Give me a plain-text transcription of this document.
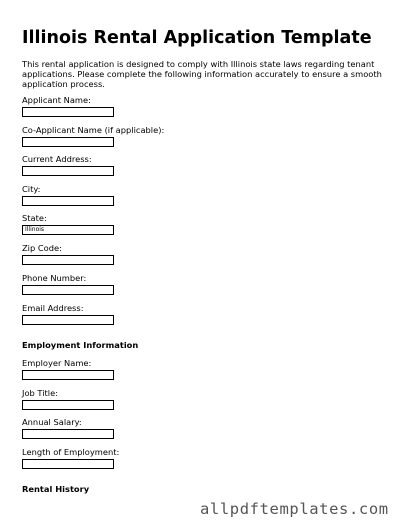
Illinois Rental Application Template
This rental application is designed to comply with Illinois state laws regarding tenant applications. Please complete the following information accurately to ensure a smooth application process.
Applicant Name:
Co-Applicant Name (if applicable):
Current Address:
City:
State:
Illinois
Zip Code:
Phone Number:
Email Address:
Employment Information
Employer Name:
Job Title:
Annual Salary:
Length of Employment:
Rental History
allpdftemplates.com
